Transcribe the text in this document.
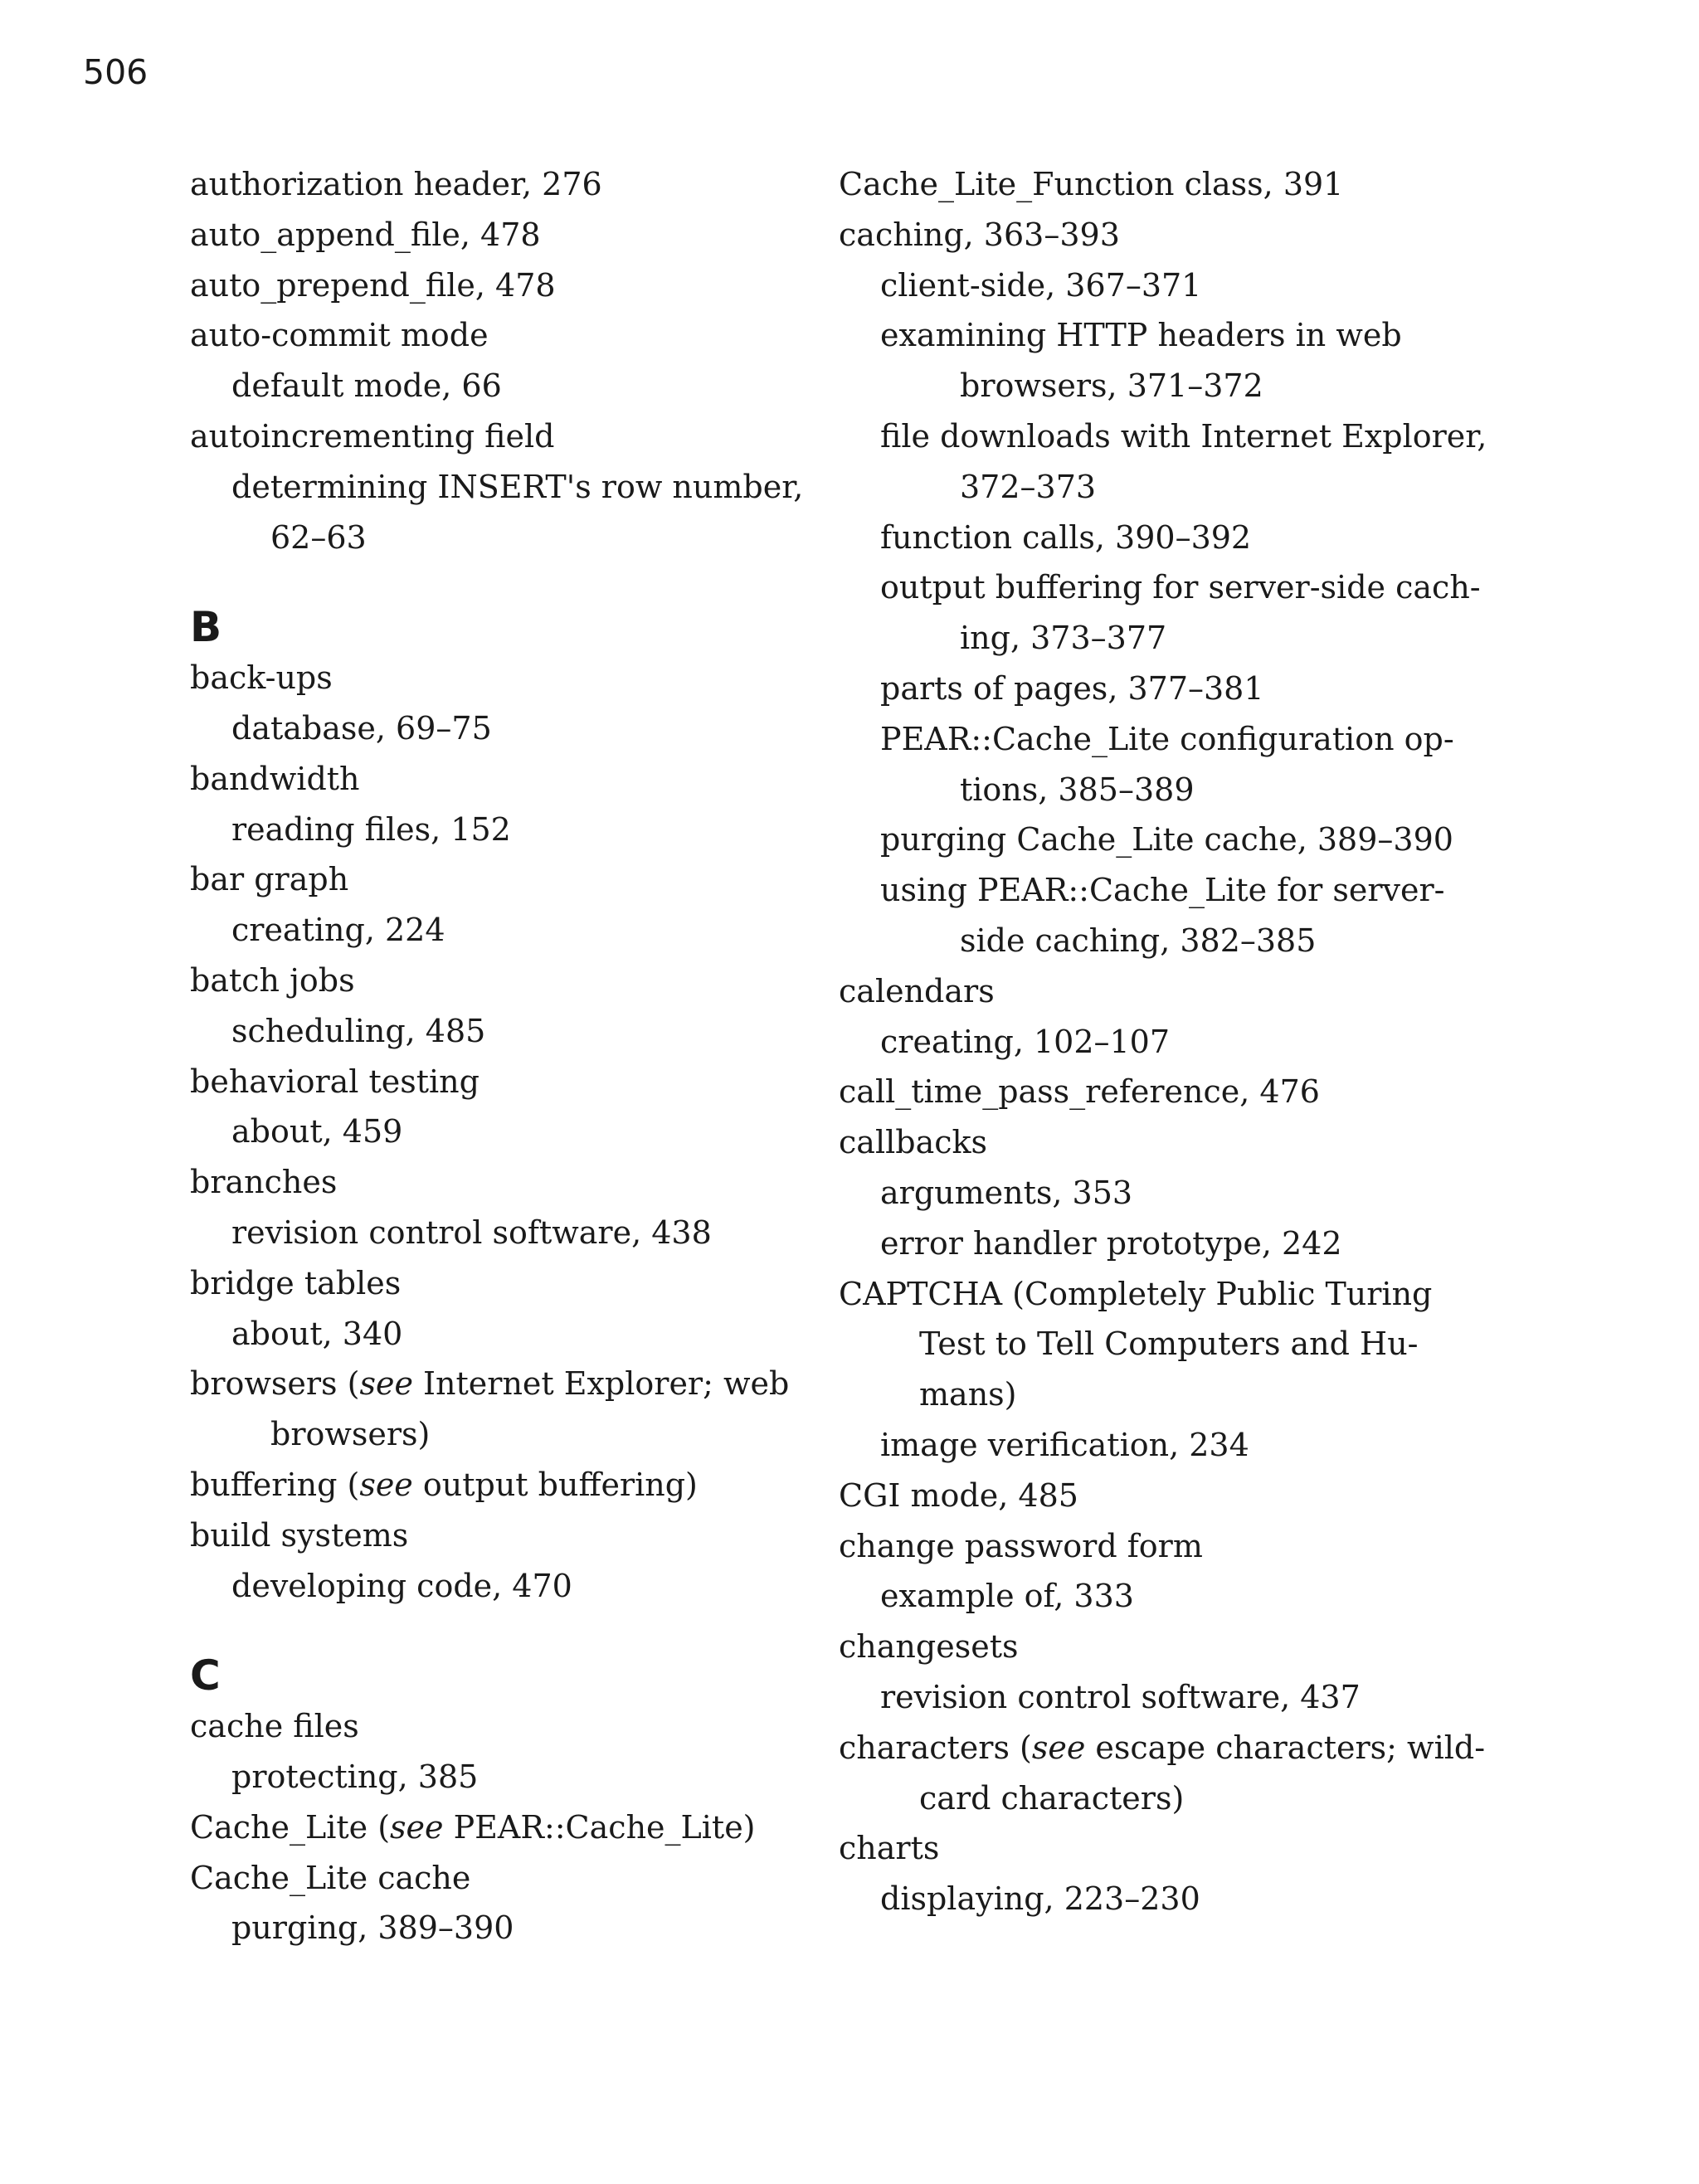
506
authorization header, 276
auto_append_file, 478
auto_prepend_file, 478
auto-commit mode
default mode, 66
autoincrementing field
determining INSERT's row number,
62–63
B
back-ups
database, 69–75
bandwidth
reading files, 152
bar graph
creating, 224
batch jobs
scheduling, 485
behavioral testing
about, 459
branches
revision control software, 438
bridge tables
about, 340
browsers (see Internet Explorer; web
browsers)
buffering (see output buffering)
build systems
developing code, 470
C
cache files
protecting, 385
Cache_Lite (see PEAR::Cache_Lite)
Cache_Lite cache
purging, 389–390
Cache_Lite_Function class, 391
caching, 363–393
client-side, 367–371
examining HTTP headers in web
browsers, 371–372
file downloads with Internet Explorer,
372–373
function calls, 390–392
output buffering for server-side cach-
ing, 373–377
parts of pages, 377–381
PEAR::Cache_Lite configuration op-
tions, 385–389
purging Cache_Lite cache, 389–390
using PEAR::Cache_Lite for server-
side caching, 382–385
calendars
creating, 102–107
call_time_pass_reference, 476
callbacks
arguments, 353
error handler prototype, 242
CAPTCHA (Completely Public Turing
Test to Tell Computers and Hu-
mans)
image verification, 234
CGI mode, 485
change password form
example of, 333
changesets
revision control software, 437
characters (see escape characters; wild-
card characters)
charts
displaying, 223–230
